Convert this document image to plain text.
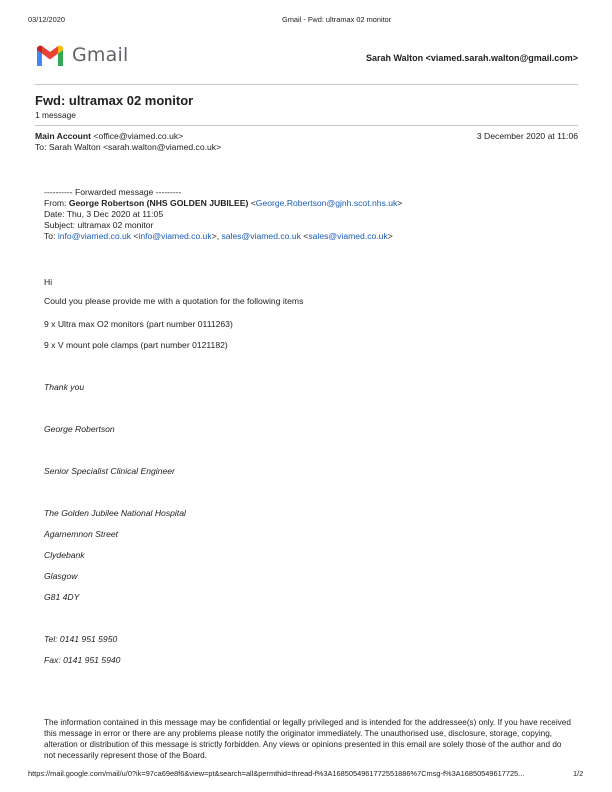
03/12/2020	Gmail - Fwd: ultramax 02 monitor
Gmail	Sarah Walton <viamed.sarah.walton@gmail.com>
Fwd: ultramax 02 monitor
1 message
Main Account <office@viamed.co.uk>	3 December 2020 at 11:06
To: Sarah Walton <sarah.walton@viamed.co.uk>
---------- Forwarded message ---------
From: George Robertson (NHS GOLDEN JUBILEE) <George.Robertson@gjnh.scot.nhs.uk>
Date: Thu, 3 Dec 2020 at 11:05
Subject: ultramax 02 monitor
To: info@viamed.co.uk <info@viamed.co.uk>, sales@viamed.co.uk <sales@viamed.co.uk>
Hi
Could you please provide me with a quotation for the following items
9 x Ultra max O2 monitors (part number 0111263)
9 x V mount pole clamps (part number 0121182)
Thank you
George Robertson
Senior Specialist Clinical Engineer
The Golden Jubilee National Hospital
Agamemnon Street
Clydebank
Glasgow
G81 4DY
Tel: 0141 951 5950
Fax: 0141 951 5940
The information contained in this message may be confidential or legally privileged and is intended for the addressee(s) only. If you have received this message in error or there are any problems please notify the originator immediately. The unauthorised use, disclosure, storage, copying, alteration or distribution of this message is strictly forbidden. Any views or opinions presented in this email are solely those of the author and do not necessarily represent those of the Board.
https://mail.google.com/mail/u/0?ik=97ca69e8f6&view=pt&search=all&permthid=thread-f%3A1685054961772551886%7Cmsg-f%3A16850549617725...	1/2
